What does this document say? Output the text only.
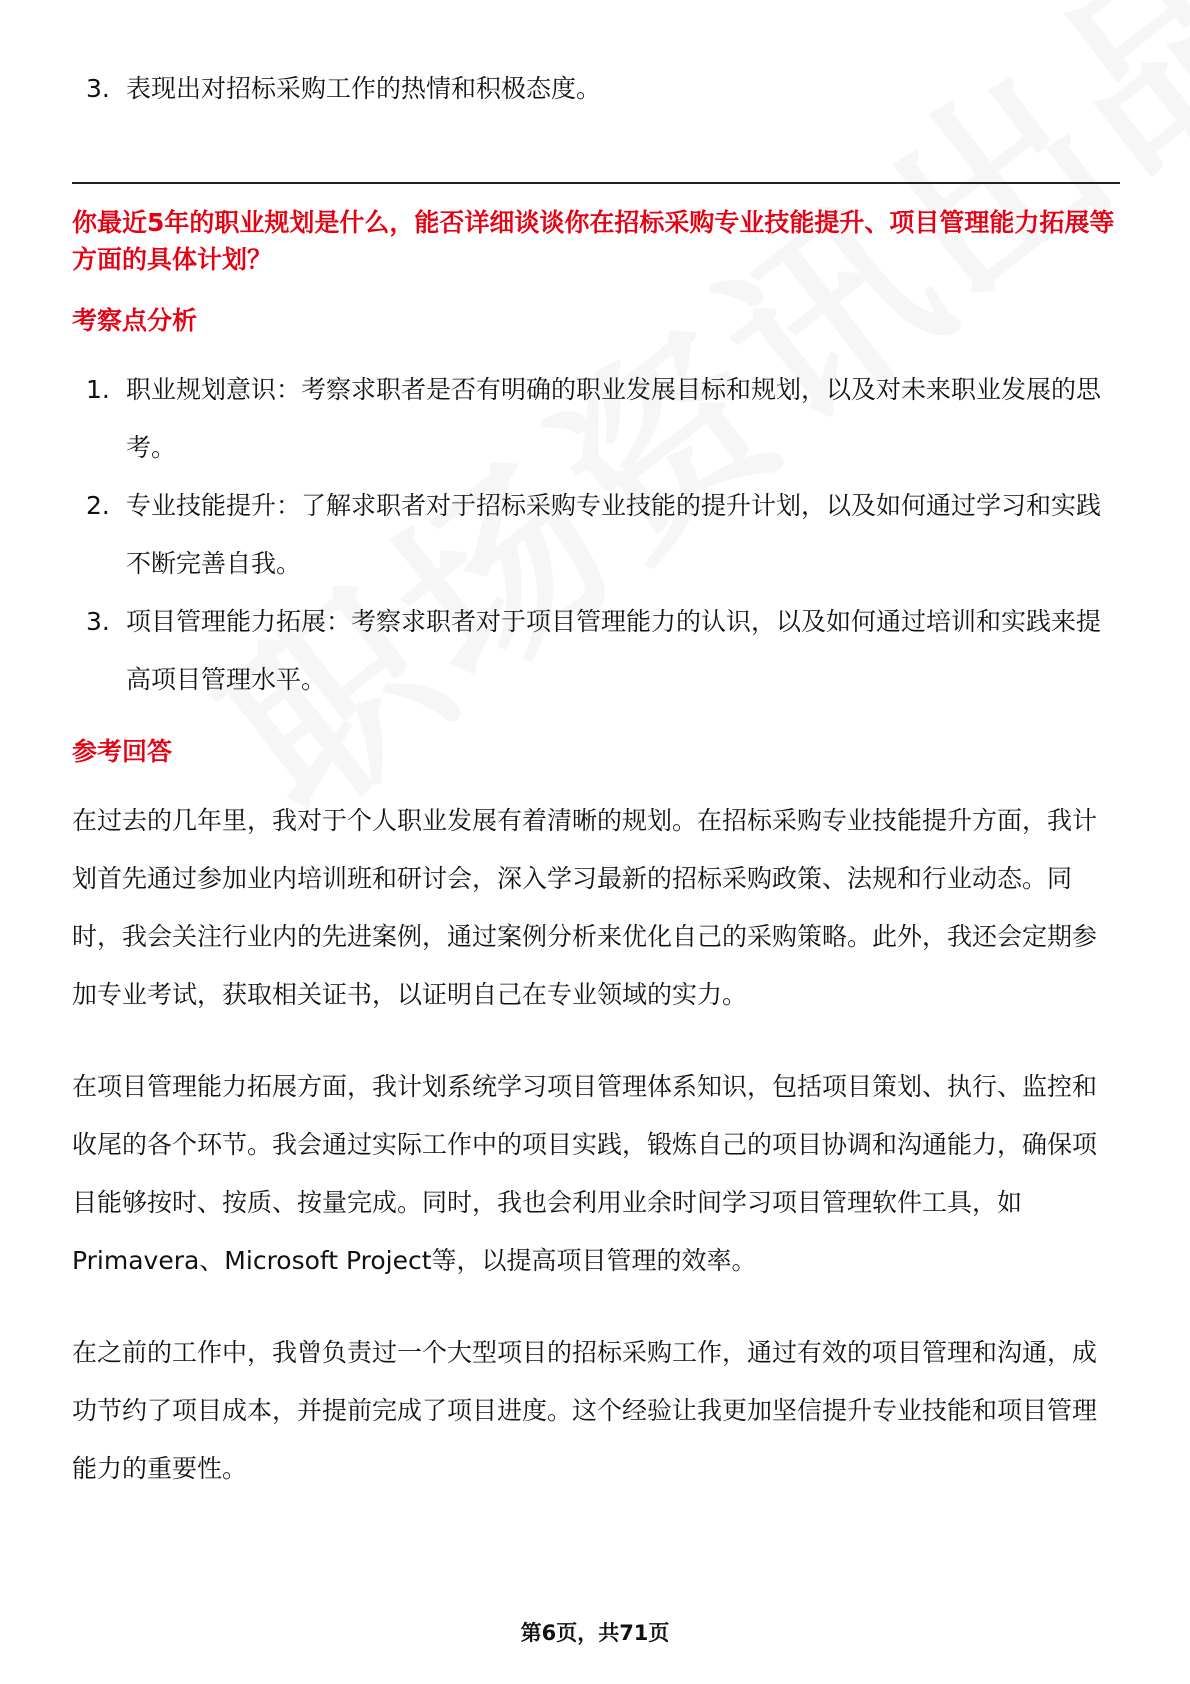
3. 表现出对招标采购工作的热情和积极态度。

你最近5年的职业规划是什么，能否详细谈谈你在招标采购专业技能提升、项目管理能力拓展等方面的具体计划？

考察点分析

1. 职业规划意识：考察求职者是否有明确的职业发展目标和规划，以及对未来职业发展的思考。
2. 专业技能提升：了解求职者对于招标采购专业技能的提升计划，以及如何通过学习和实践不断完善自我。
3. 项目管理能力拓展：考察求职者对于项目管理能力的认识，以及如何通过培训和实践来提高项目管理水平。

参考回答

在过去的几年里，我对于个人职业发展有着清晰的规划。在招标采购专业技能提升方面，我计划首先通过参加业内培训班和研讨会，深入学习最新的招标采购政策、法规和行业动态。同时，我会关注行业内的先进案例，通过案例分析来优化自己的采购策略。此外，我还会定期参加专业考试，获取相关证书，以证明自己在专业领域的实力。

在项目管理能力拓展方面，我计划系统学习项目管理体系知识，包括项目策划、执行、监控和收尾的各个环节。我会通过实际工作中的项目实践，锻炼自己的项目协调和沟通能力，确保项目能够按时、按质、按量完成。同时，我也会利用业余时间学习项目管理软件工具，如Primavera、Microsoft Project等，以提高项目管理的效率。

在之前的工作中，我曾负责过一个大型项目的招标采购工作，通过有效的项目管理和沟通，成功节约了项目成本，并提前完成了项目进度。这个经验让我更加坚信提升专业技能和项目管理能力的重要性。

第6页，共71页
